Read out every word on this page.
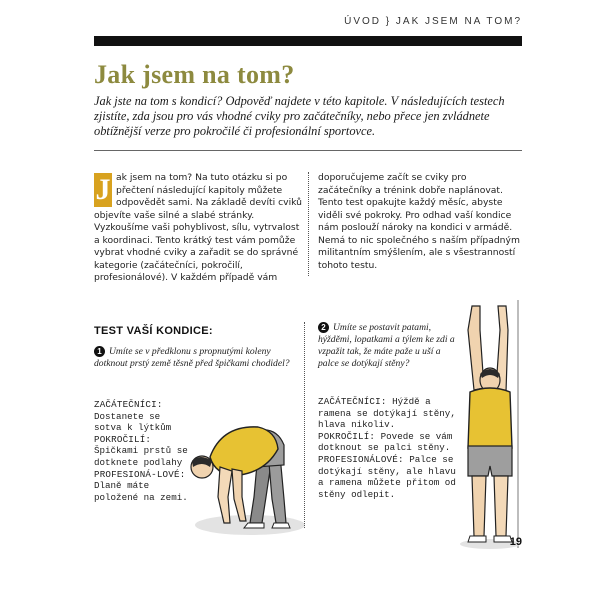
ÚVOD } JAK JSEM NA TOM?
Jak jsem na tom?
Jak jste na tom s kondicí? Odpověď najdete v této kapitole. V následujících testech zjistíte, zda jsou pro vás vhodné cviky pro začátečníky, nebo přece jen zvládnete obtížnější verze pro pokročilé či profesionální sportovce.
J ak jsem na tom? Na tuto otázku si po přečtení následující kapitoly můžete odpovědět sami. Na základě devíti cviků objevíte vaše silné a slabé stránky. Vyzkoušíme vaši pohyblivost, sílu, vytrvalost a koordinaci. Tento krátký test vám pomůže vybrat vhodné cviky a zařadit se do správné kategorie (začátečníci, pokročilí, profesionálové). V každém případě vám
doporučujeme začít se cviky pro začátečníky a trénink dobře naplánovat. Tento test opakujte každý měsíc, abyste viděli své pokroky. Pro odhad vaší kondice nám poslouží nároky na kondici v armádě. Nemá to nic společného s naším případným militantním smýšlením, ale s všestranností tohoto testu.
TEST VAŠÍ KONDICE:
1 Umíte se v předklonu s propnutými koleny dotknout prstý země těsně před špičkami chodidel?
ZAČÁTEČNÍCI:
Dostanete se sotva k lýtkům
POKROČILÍ:
Špičkami prstů se dotknete podlahy
PROFESIONÁ-LOVÉ: Dlaně máte položené na zemi.
2 Umíte se postavit patami, hýžděmi, lopatkami a týlem ke zdi a vzpažit tak, že máte paže u uší a palce se dotýkají stěny?
ZAČÁTEČNÍCI: Hýždě a ramena se dotýkají stěny, hlava nikoliv.
POKROČILÍ: Povede se vám dotknout se palci stěny.
PROFESIONÁLOVÉ: Palce se dotýkají stěny, ale hlavu a ramena můžete přitom od stěny odlepit.
19
